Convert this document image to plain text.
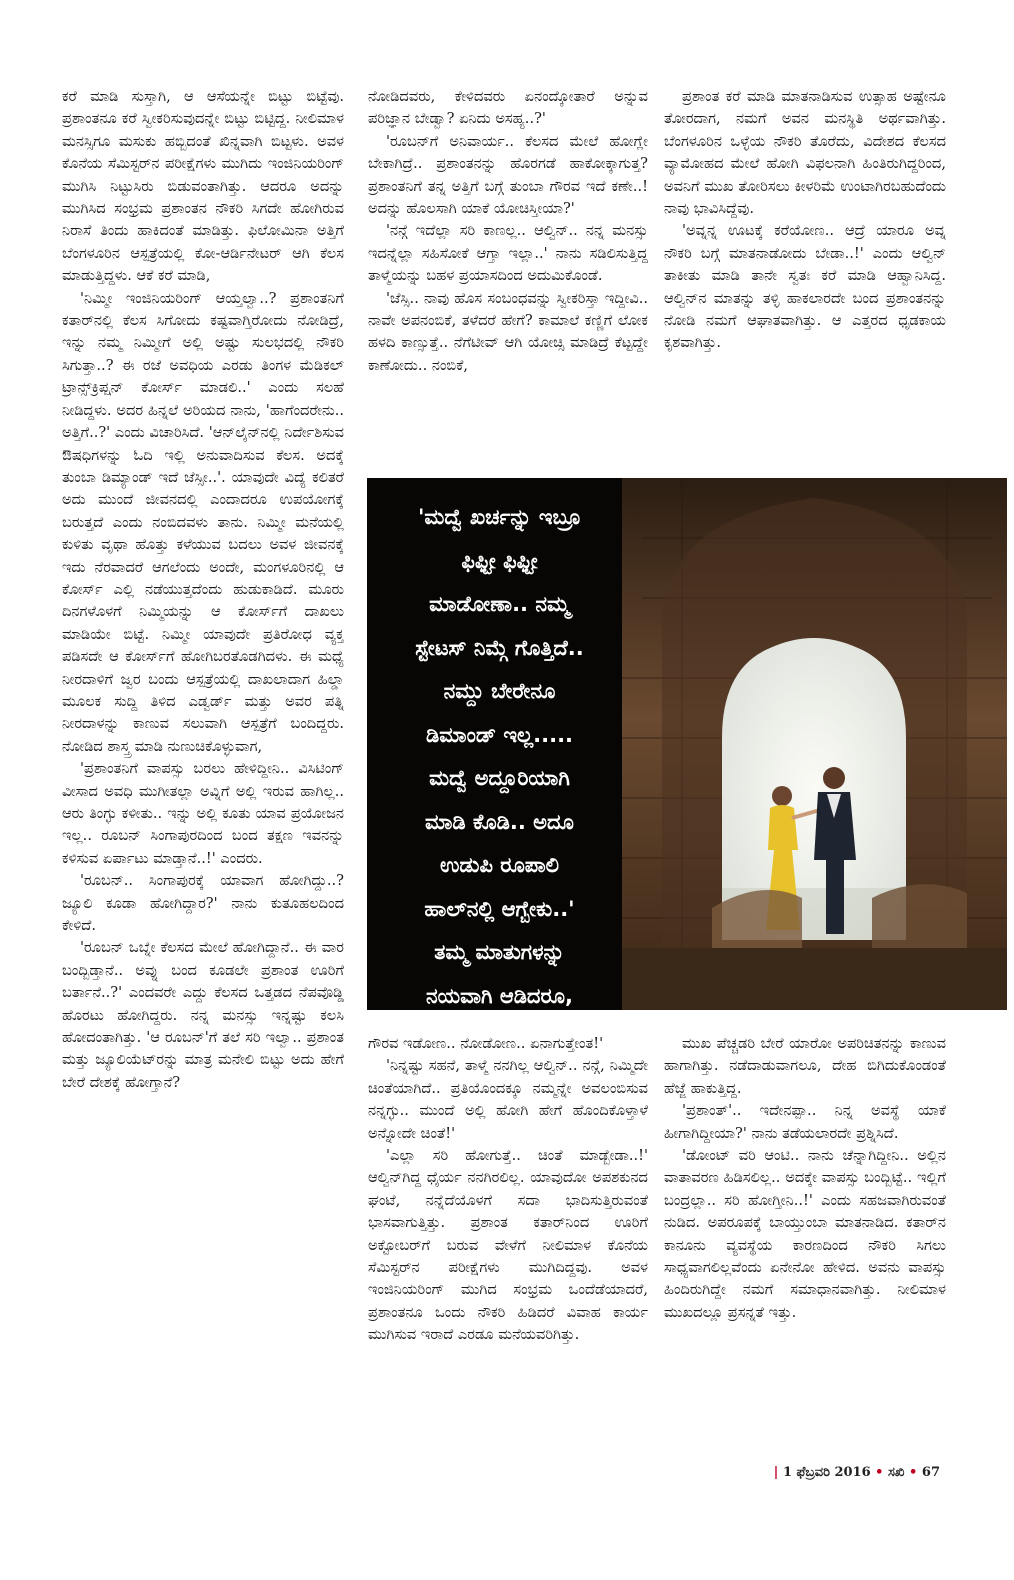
ಕರೆ ಮಾಡಿ ಸುಸ್ತಾಗಿ, ಆ ಆಸೆಯನ್ನೇ ಬಿಟ್ಟು ಬಿಟ್ಟೆವು. ಪ್ರಶಾಂತನೂ ಕರೆ ಸ್ವೀಕರಿಸುವುದನ್ನೇ ಬಿಟ್ಟು ಬಿಟ್ಟಿದ್ದ. ನೀಲಿಮಾಳ ಮನಸ್ಸಿಗೂ ಮಸುಕು ಹಬ್ಬಿದಂತೆ ಖಿನ್ನವಾಗಿ ಬಿಟ್ಟಳು. ಅವಳ ಕೊನೆಯ ಸೆಮಿಸ್ಟರ್‌ನ ಪರೀಕ್ಷೆಗಳು ಮುಗಿದು ಇಂಜಿನಿಯರಿಂಗ್ ಮುಗಿಸಿ ನಿಟ್ಟುಸಿರು ಬಿಡುವಂತಾಗಿತ್ತು. ಆದರೂ ಅದನ್ನು ಮುಗಿಸಿದ ಸಂಭ್ರಮ ಪ್ರಶಾಂತನ ನೌಕರಿ ಸಿಗದೇ ಹೋಗಿರುವ ನಿರಾಸೆ ತಿಂದು ಹಾಕಿದಂತೆ ಮಾಡಿತ್ತು. ಫಿಲೋಮಿನಾ ಅತ್ತಿಗೆ ಬೆಂಗಳೂರಿನ ಆಸ್ಪತ್ರೆಯಲ್ಲಿ ಕೋ-ಆರ್ಡಿನೇಟರ್ ಆಗಿ ಕೆಲಸ ಮಾಡುತ್ತಿದ್ದಳು. ಆಕೆ ಕರೆ ಮಾಡಿ,

'ನಿಮ್ಮೀ ಇಂಜಿನಿಯರಿಂಗ್ ಆಯ್ತಲ್ವಾ..? ಪ್ರಶಾಂತನಿಗೆ ಕತಾರ್‌ನಲ್ಲಿ ಕೆಲಸ ಸಿಗೋದು ಕಷ್ಟವಾಗ್ತಿರೋದು ನೋಡಿದ್ರೆ, ಇನ್ನು ನಮ್ಮ ನಿಮ್ಮೀಗೆ ಅಲ್ಲಿ ಅಷ್ಟು ಸುಲಭದಲ್ಲಿ ನೌಕರಿ ಸಿಗುತ್ತಾ..? ಈ ರಜೆ ಅವಧಿಯ ಎರಡು ತಿಂಗಳ ಮೆಡಿಕಲ್ ಟ್ರಾನ್ಸ್‌ಕ್ರಿಪ್ಷನ್ ಕೋರ್ಸ್ ಮಾಡಲಿ..' ಎಂದು ಸಲಹೆ ನೀಡಿದ್ದಳು. ಅದರ ಹಿನ್ನಲೆ ಅರಿಯದ ನಾನು, 'ಹಾಗೆಂದರೇನು.. ಅತ್ತಿಗೆ..?' ಎಂದು ವಿಚಾರಿಸಿದೆ. 'ಆನ್‌ಲೈನ್‌ನಲ್ಲಿ ನಿರ್ದೇಶಿಸುವ ಔಷಧಿಗಳನ್ನು ಓದಿ ಇಲ್ಲಿ ಅನುವಾದಿಸುವ ಕೆಲಸ. ಅದಕ್ಕೆ ತುಂಬಾ ಡಿಮ್ಯಾಂಡ್ ಇದೆ ಜೆಸ್ಸೀ..'. ಯಾವುದೇ ವಿದ್ಯೆ ಕಲಿತರೆ ಅದು ಮುಂದೆ ಜೀವನದಲ್ಲಿ ಎಂದಾದರೂ ಉಪಯೋಗಕ್ಕೆ ಬರುತ್ತದೆ ಎಂದು ನಂಬಿದವಳು ತಾನು. ನಿಮ್ಮೀ ಮನೆಯಲ್ಲಿ ಕುಳಿತು ವೃಥಾ ಹೊತ್ತು ಕಳೆಯುವ ಬದಲು ಅವಳ ಜೀವನಕ್ಕೆ ಇದು ನೆರವಾದರೆ ಆಗಲೆಂದು ಅಂದೇ, ಮಂಗಳೂರಿನಲ್ಲಿ ಆ ಕೋರ್ಸ್ ಎಲ್ಲಿ ನಡೆಯುತ್ತದೆಂದು ಹುಡುಕಾಡಿದೆ. ಮೂರು ದಿನಗಳೊಳಗೆ ನಿಮ್ಮಿಯನ್ನು ಆ ಕೋರ್ಸ್‌ಗೆ ದಾಖಲು ಮಾಡಿಯೇ ಬಿಟ್ಟೆ. ನಿಮ್ಮೀ ಯಾವುದೇ ಪ್ರತಿರೋಧ ವ್ಯಕ್ತ ಪಡಿಸದೇ ಆ ಕೋರ್ಸ್‌ಗೆ ಹೋಗಿಬರತೊಡಗಿದಳು. ಈ ಮಧ್ಯೆ ನೀರದಾಳಿಗೆ ಜ್ವರ ಬಂದು ಆಸ್ಪತ್ರೆಯಲ್ಲಿ ದಾಖಲಾದಾಗ ಹಿಲ್ಡಾ ಮೂಲಕ ಸುದ್ದಿ ತಿಳಿದ ಎಡ್ವರ್ಡ್ ಮತ್ತು ಅವರ ಪತ್ನಿ ನೀರದಾಳನ್ನು ಕಾಣುವ ಸಲುವಾಗಿ ಆಸ್ಪತ್ರೆಗೆ ಬಂದಿದ್ದರು. ನೋಡಿದ ಶಾಸ್ತ್ರ ಮಾಡಿ ನುಣುಚಿಕೊಳ್ಳುವಾಗ,

'ಪ್ರಶಾಂತನಿಗೆ ವಾಪಸ್ಸು ಬರಲು ಹೇಳಿದ್ದೀನಿ.. ವಿಸಿಟಿಂಗ್ ವೀಸಾದ ಅವಧಿ ಮುಗೀತಲ್ಲಾ ಅವ್ನಿಗೆ ಅಲ್ಲಿ ಇರುವ ಹಾಗಿಲ್ಲ.. ಆರು ತಿಂಗ್ಳು ಕಳೀತು.. ಇನ್ನು ಅಲ್ಲಿ ಕೂತು ಯಾವ ಪ್ರಯೋಜನ ಇಲ್ಲ.. ರೂಬನ್ ಸಿಂಗಾಪುರದಿಂದ ಬಂದ ತಕ್ಷಣ ಇವನನ್ನು ಕಳಿಸುವ ಏರ್ಪಾಟು ಮಾಡ್ತಾನೆ..!' ಎಂದರು.

'ರೂಬನ್.. ಸಿಂಗಾಪುರಕ್ಕೆ ಯಾವಾಗ ಹೋಗಿದ್ದು..? ಜ್ಯೂಲಿ ಕೂಡಾ ಹೋಗಿದ್ದಾರ?' ನಾನು ಕುತೂಹಲದಿಂದ ಕೇಳಿದೆ.

'ರೂಬನ್ ಒಬ್ನೇ ಕೆಲಸದ ಮೇಲೆ ಹೋಗಿದ್ದಾನೆ.. ಈ ವಾರ ಬಂದ್ಬಿಡ್ತಾನೆ.. ಅವ್ನು ಬಂದ ಕೂಡಲೇ ಪ್ರಶಾಂತ ಊರಿಗೆ ಬರ್ತಾನೆ..?' ಎಂದವರೇ ಎದ್ದು ಕೆಲಸದ ಒತ್ತಡದ ನೆಪವೊಡ್ಡಿ ಹೊರಟು ಹೋಗಿದ್ದರು. ನನ್ನ ಮನಸ್ಸು ಇನ್ನಷ್ಟು ಕಲಸಿ ಹೋದಂತಾಗಿತ್ತು. 'ಆ ರೂಬನ್'ಗೆ ತಲೆ ಸರಿ ಇಲ್ವಾ.. ಪ್ರಶಾಂತ ಮತ್ತು ಜ್ಯೂಲಿಯೆಟ್‌ರನ್ನು ಮಾತ್ರ ಮನೇಲಿ ಬಿಟ್ಟು ಅದು ಹೇಗೆ ಬೇರೆ ದೇಶಕ್ಕೆ ಹೋಗ್ತಾನೆ?

ನೋಡಿದವರು, ಕೇಳಿದವರು ಏನಂದ್ಕೋತಾರೆ ಅನ್ನುವ ಪರಿಜ್ಞಾನ ಬೇಡ್ವಾ? ಏನಿದು ಅಸಹ್ಯ..?'

'ರೂಬನ್‌ಗೆ ಅನಿವಾರ್ಯ.. ಕೆಲಸದ ಮೇಲೆ ಹೋಗ್ಲೇ ಬೇಕಾಗಿದ್ರೆ.. ಪ್ರಶಾಂತನನ್ನು ಹೊರಗಡೆ ಹಾಕೋಕ್ಕಾಗುತ್ತ? ಪ್ರಶಾಂತನಿಗೆ ತನ್ನ ಅತ್ತಿಗೆ ಬಗ್ಗೆ ತುಂಬಾ ಗೌರವ ಇದೆ ಕಣೇ..! ಅದನ್ನು ಹೊಲಸಾಗಿ ಯಾಕೆ ಯೋಚಿಸ್ತೀಯಾ?'

'ನನ್ಗೆ ಇದೆಲ್ಲಾ ಸರಿ ಕಾಣಲ್ಲ.. ಆಲ್ವಿನ್.. ನನ್ನ ಮನಸ್ಸು ಇದನ್ನೆಲ್ಲಾ ಸಹಿಸೋಕೆ ಆಗ್ತಾ ಇಲ್ಲಾ..' ನಾನು ಸಡಿಲಿಸುತ್ತಿದ್ದ ತಾಳ್ಮೆಯನ್ನು ಬಹಳ ಪ್ರಯಾಸದಿಂದ ಅದುಮಿಕೊಂಡೆ.

'ಜೆಸ್ಸಿ.. ನಾವು ಹೊಸ ಸಂಬಂಧವನ್ನು ಸ್ವೀಕರಿಸ್ತಾ ಇದ್ದೀವಿ.. ನಾವೇ ಅಪನಂಬಿಕೆ, ತಳೆದರೆ ಹೇಗೆ? ಕಾಮಾಲೆ ಕಣ್ಣಿಗೆ ಲೋಕ ಹಳದಿ ಕಾಣ್ಸುತ್ತೆ.. ನೆಗೆಟೀವ್ ಆಗಿ ಯೋಚ್ಸಿ ಮಾಡಿದ್ರೆ ಕೆಟ್ಟದ್ದೇ ಕಾಣೋದು.. ನಂಬಿಕೆ,

ಪ್ರಶಾಂತ ಕರೆ ಮಾಡಿ ಮಾತನಾಡಿಸುವ ಉತ್ಸಾಹ ಅಷ್ಟೇನೂ ತೋರದಾಗ, ನಮಗೆ ಅವನ ಮನಸ್ಥಿತಿ ಅರ್ಥವಾಗಿತ್ತು. ಬೆಂಗಳೂರಿನ ಒಳ್ಳೆಯ ನೌಕರಿ ತೊರೆದು, ವಿದೇಶದ ಕೆಲಸದ ವ್ಯಾಮೋಹದ ಮೇಲೆ ಹೋಗಿ ವಿಫಲನಾಗಿ ಹಿಂತಿರುಗಿದ್ದರಿಂದ, ಅವನಿಗೆ ಮುಖ ತೋರಿಸಲು ಕೀಳರಿಮೆ ಉಂಟಾಗಿರಬಹುದೆಂದು ನಾವು ಭಾವಿಸಿದ್ದೆವು.

'ಅವ್ನನ್ನ ಊಟಕ್ಕೆ ಕರೆಯೋಣ.. ಆದ್ರೆ ಯಾರೂ ಅವ್ನ ನೌಕರಿ ಬಗ್ಗೆ ಮಾತನಾಡೋದು ಬೇಡಾ..!' ಎಂದು ಆಲ್ವಿನ್ ತಾಕೀತು ಮಾಡಿ ತಾನೇ ಸ್ವತಃ ಕರೆ ಮಾಡಿ ಆಹ್ವಾನಿಸಿದ್ದ. ಆಲ್ವಿನ್‌ನ ಮಾತನ್ನು ತಳ್ಳಿ ಹಾಕಲಾರದೇ ಬಂದ ಪ್ರಶಾಂತನನ್ನು ನೋಡಿ ನಮಗೆ ಆಘಾತವಾಗಿತ್ತು. ಆ ಎತ್ತರದ ಧೃಡಕಾಯ ಕೃಶವಾಗಿತ್ತು.

'ಮದ್ವೆ ಖರ್ಚನ್ನು ಇಬ್ರೂ
ಫಿಫ್ಟೀ ಫಿಫ್ಟೀ
ಮಾಡೋಣಾ.. ನಮ್ಮ
ಸ್ಟೇಟಸ್ ನಿಮ್ಗೆ ಗೊತ್ತಿದೆ..
ನಮ್ದು ಬೇರೇನೂ
ಡಿಮಾಂಡ್ ಇಲ್ಲ.....
ಮದ್ವೆ ಅದ್ದೂರಿಯಾಗಿ
ಮಾಡಿ ಕೊಡಿ.. ಅದೂ
ಉಡುಪಿ ರೂಪಾಲಿ
ಹಾಲ್‌ನಲ್ಲಿ ಆಗ್ಬೇಕು..'
ತಮ್ಮ ಮಾತುಗಳನ್ನು
ನಯವಾಗಿ ಆಡಿದರೂ,

ಗೌರವ ಇಡೋಣ.. ನೋಡೋಣ.. ಏನಾಗುತ್ತೇಂತ!'

'ನಿನ್ನಷ್ಟು ಸಹನೆ, ತಾಳ್ಮೆ ನನಗಿಲ್ಲ ಆಲ್ವಿನ್.. ನನ್ಗೆ, ನಿಮ್ಮಿದೇ ಚಿಂತೆಯಾಗಿದೆ.. ಪ್ರತಿಯೊಂದಕ್ಕೂ ನಮ್ಮನ್ನೇ ಅವಲಂಬಿಸುವ ನನ್ನಗ್ಳು.. ಮುಂದೆ ಅಲ್ಲಿ ಹೋಗಿ ಹೇಗೆ ಹೊಂದಿಕೊಳ್ತಾಳೆ ಅನ್ನೋದೇ ಚಿಂತೆ!'

'ಎಲ್ಲಾ ಸರಿ ಹೋಗುತ್ತೆ.. ಚಿಂತೆ ಮಾಡ್ಬೇಡಾ..!' ಆಲ್ವಿನ್‌ಗಿದ್ದ ಧೈರ್ಯ ನನಗಿರಲಿಲ್ಲ. ಯಾವುದೋ ಅಪಶಕುನದ ಘಂಟೆ, ನನ್ನೆದೆಯೊಳಗೆ ಸದಾ ಭಾದಿಸುತ್ತಿರುವಂತೆ ಭಾಸವಾಗುತ್ತಿತ್ತು. ಪ್ರಶಾಂತ ಕತಾರ್‌ನಿಂದ ಊರಿಗೆ ಅಕ್ಟೋಬರ್‌ಗೆ ಬರುವ ವೇಳೆಗೆ ನೀಲಿಮಾಳ ಕೊನೆಯ ಸೆಮಿಸ್ಟರ್‌ನ ಪರೀಕ್ಷೆಗಳು ಮುಗಿದಿದ್ದವು. ಅವಳ ಇಂಜಿನಿಯರಿಂಗ್ ಮುಗಿದ ಸಂಭ್ರಮ ಒಂದೆಡೆಯಾದರೆ, ಪ್ರಶಾಂತನೂ ಒಂದು ನೌಕರಿ ಹಿಡಿದರೆ ವಿವಾಹ ಕಾರ್ಯ ಮುಗಿಸುವ ಇರಾದೆ ಎರಡೂ ಮನೆಯವರಿಗಿತ್ತು.

ಮುಖ ಪೆಚ್ಚಡರಿ ಬೇರೆ ಯಾರೋ ಅಪರಿಚಿತನನ್ನು ಕಾಣುವ ಹಾಗಾಗಿತ್ತು. ನಡೆದಾಡುವಾಗಲೂ, ದೇಹ ಬಿಗಿದುಕೊಂಡಂತೆ ಹೆಜ್ಜೆ ಹಾಕುತ್ತಿದ್ದ.

'ಪ್ರಶಾಂತ್'.. ಇದೇನಪ್ಪಾ.. ನಿನ್ನ ಅವಸ್ಥೆ ಯಾಕೆ ಹೀಗಾಗಿದ್ದೀಯಾ?' ನಾನು ತಡೆಯಲಾರದೇ ಪ್ರಶ್ನಿಸಿದೆ.

'ಡೋಂಟ್ ವರಿ ಆಂಟಿ.. ನಾನು ಚೆನ್ನಾಗಿದ್ದೀನಿ.. ಅಲ್ಲಿನ ವಾತಾವರಣ ಹಿಡಿಸಲಿಲ್ಲ.. ಅದಕ್ಕೇ ವಾಪಸ್ಸು ಬಂದ್ಬಿಟ್ಟೆ.. ಇಲ್ಲಿಗೆ ಬಂದ್ರಲ್ಲಾ.. ಸರಿ ಹೋಗ್ತೀನಿ..!' ಎಂದು ಸಹಜವಾಗಿರುವಂತೆ ನುಡಿದ. ಅಪರೂಪಕ್ಕೆ ಬಾಯ್ತುಂಬಾ ಮಾತನಾಡಿದ. ಕತಾರ್‌ನ ಕಾನೂನು ವ್ಯವಸ್ಥೆಯ ಕಾರಣದಿಂದ ನೌಕರಿ ಸಿಗಲು ಸಾಧ್ಯವಾಗಲಿಲ್ಲವೆಂದು ಏನೇನೋ ಹೇಳಿದ. ಅವನು ವಾಪಸ್ಸು ಹಿಂದಿರುಗಿದ್ದೇ ನಮಗೆ ಸಮಾಧಾನವಾಗಿತ್ತು. ನೀಲಿಮಾಳ ಮುಖದಲ್ಲೂ ಪ್ರಸನ್ನತೆ ಇತ್ತು.

| 1 ಫೆಬ್ರವರಿ 2016 • ಸಖಿ • 67
